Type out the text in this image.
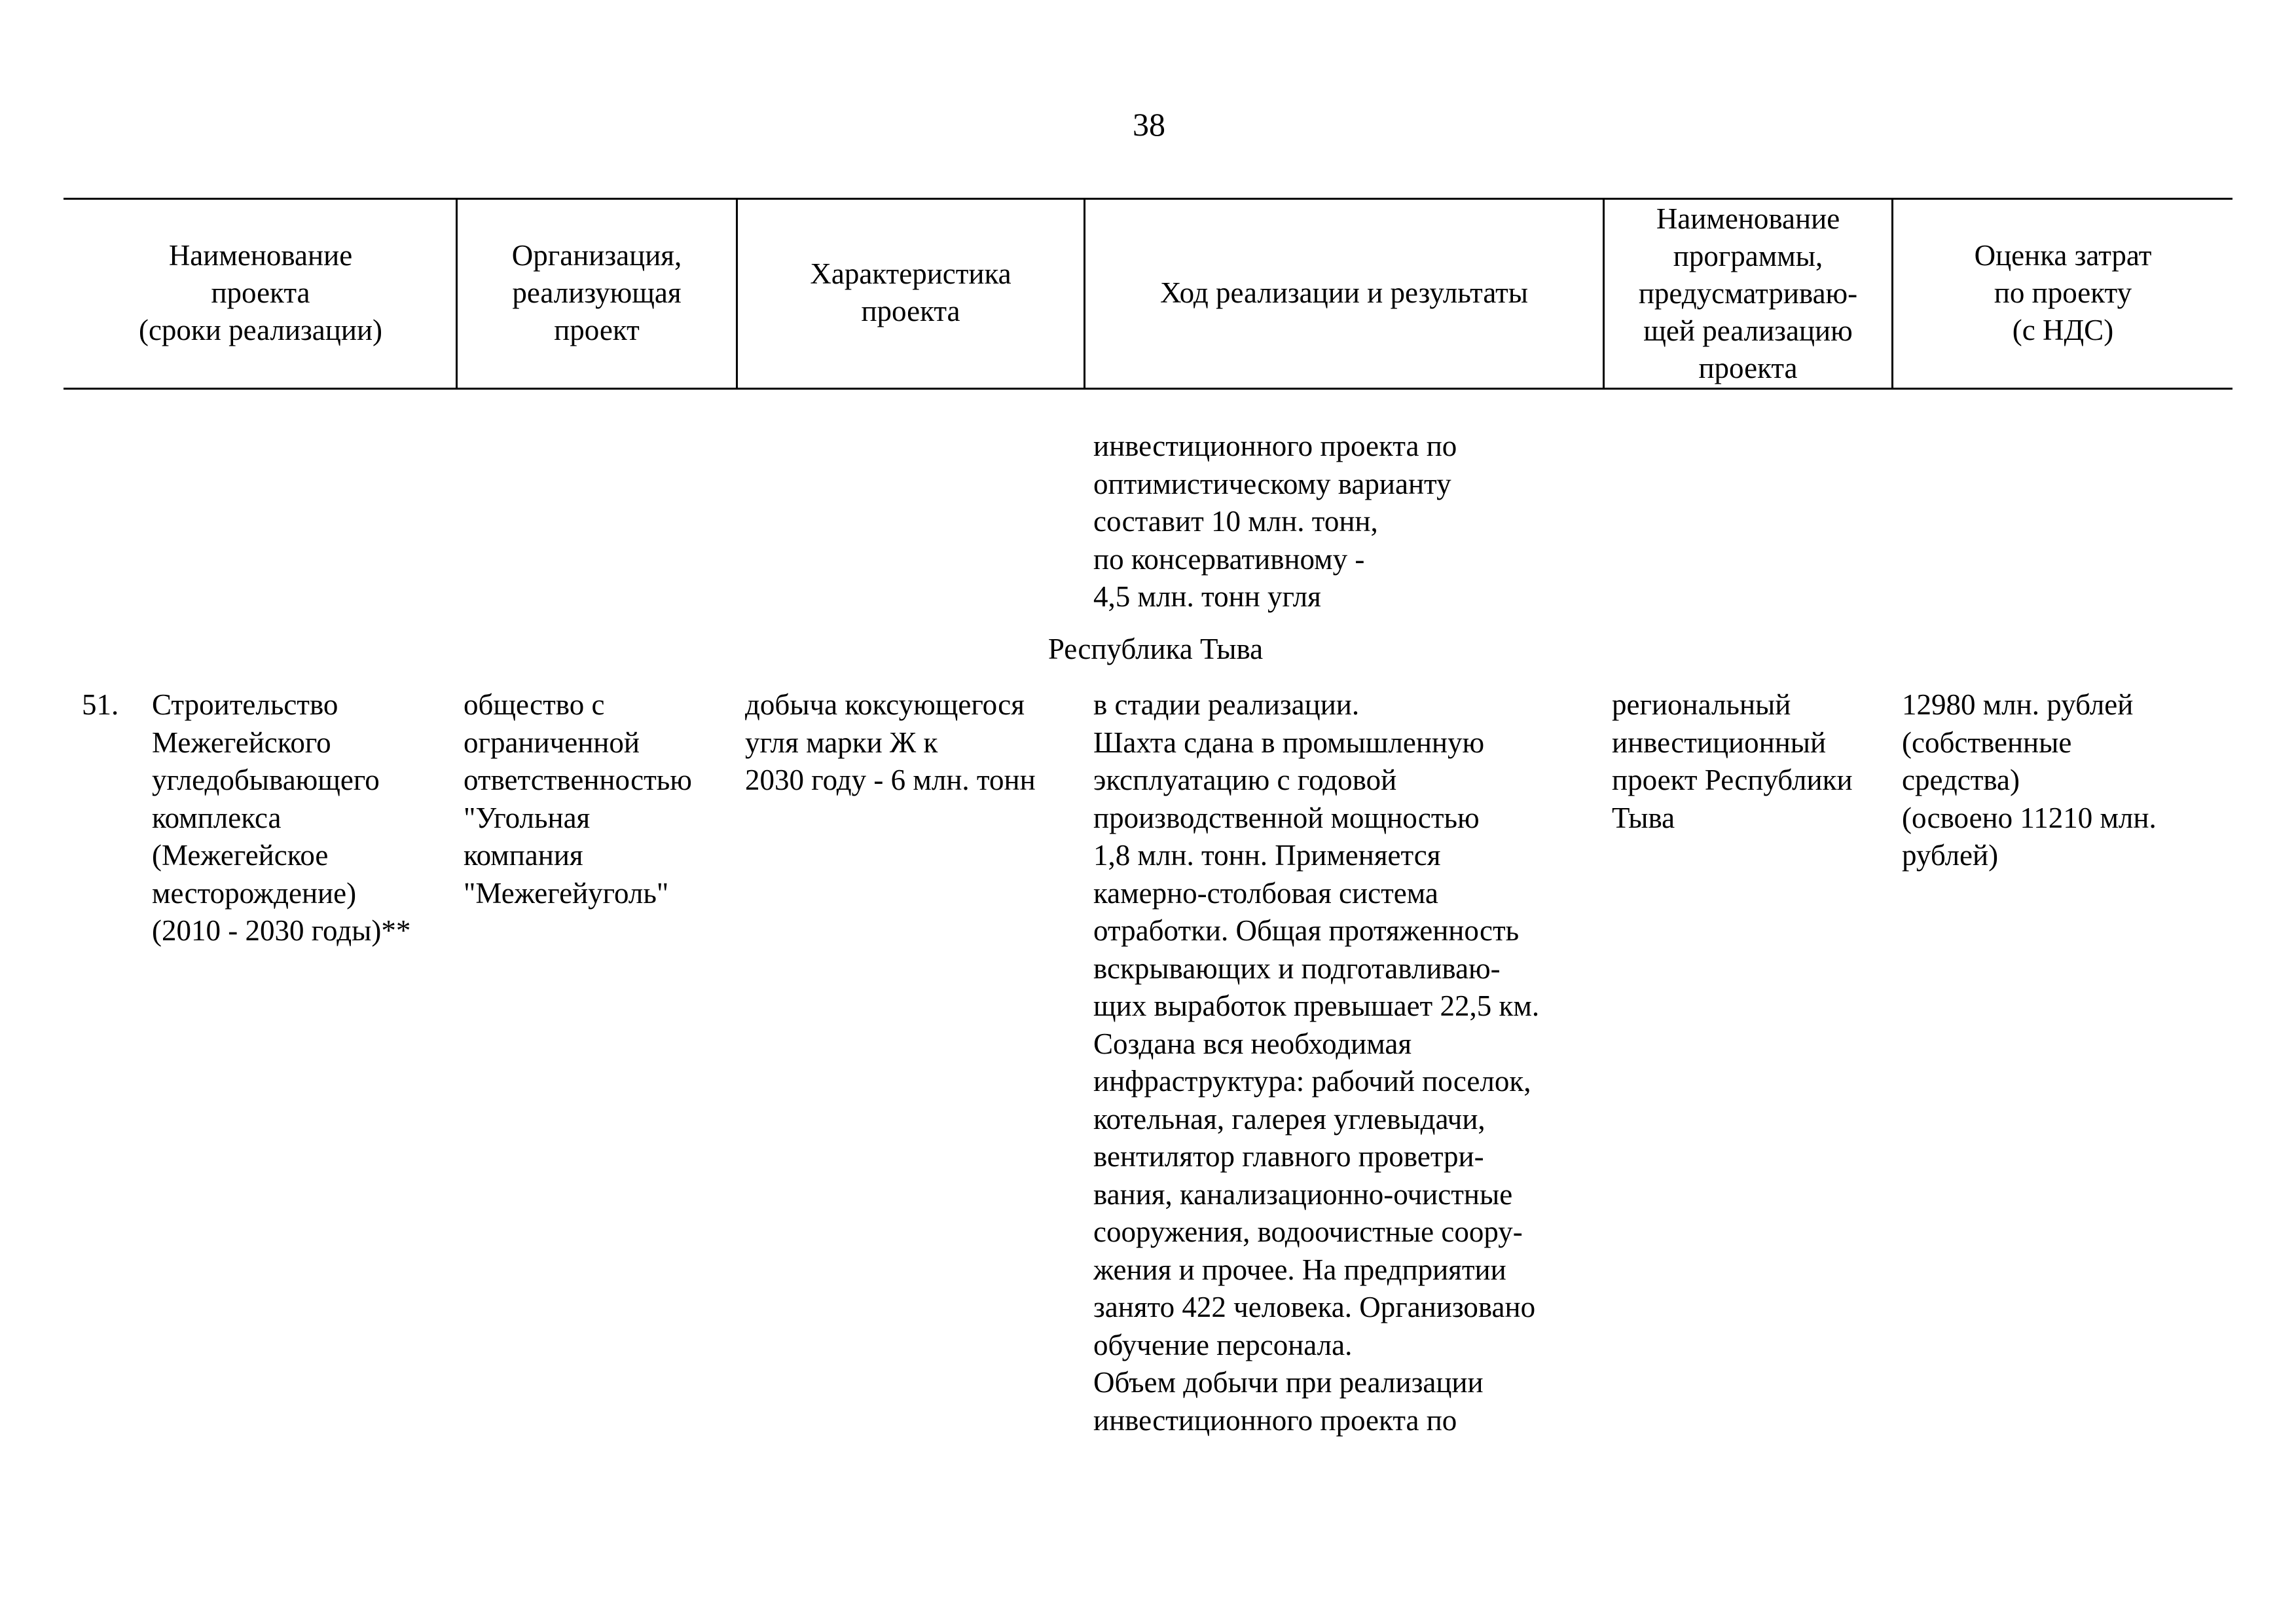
38
Наименование
проекта
(сроки реализации)
Организация,
реализующая
проект
Характеристика
проекта
Ход реализации и результаты
Наименование
программы,
предусматриваю-
щей реализацию
проекта
Оценка затрат
по проекту
(с НДС)
инвестиционного проекта по
оптимистическому варианту
составит 10 млн. тонн,
по консервативному -
4,5 млн. тонн угля
Республика Тыва
51.	Строительство
Межегейского
угледобывающего
комплекса
(Межегейское
месторождение)
(2010 - 2030 годы)**
общество с
ограниченной
ответственностью
"Угольная
компания
"Межегейуголь"
добыча коксующегося
угля марки Ж к
2030 году - 6 млн. тонн
в стадии реализации.
Шахта сдана в промышленную
эксплуатацию с годовой
производственной мощностью
1,8 млн. тонн. Применяется
камерно-столбовая система
отработки. Общая протяженность
вскрывающих и подготавливаю-
щих выработок превышает 22,5 км.
Создана вся необходимая
инфраструктура: рабочий поселок,
котельная, галерея углевыдачи,
вентилятор главного проветри-
вания, канализационно-очистные
сооружения, водоочистные соору-
жения и прочее. На предприятии
занято 422 человека. Организовано
обучение персонала.
Объем добычи при реализации
инвестиционного проекта по
региональный
инвестиционный
проект Республики
Тыва
12980 млн. рублей
(собственные
средства)
(освоено 11210 млн.
рублей)
